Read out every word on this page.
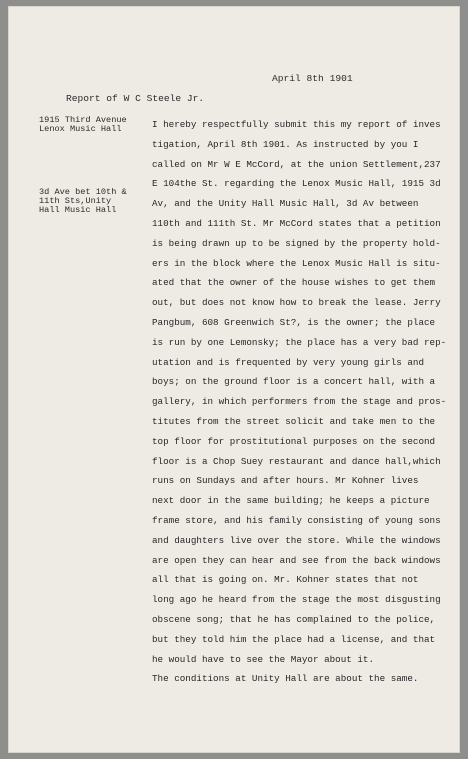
April 8th 1901
Report of W C Steele Jr.
1915 Third Avenue
Lenox Music Hall
3d Ave bet 10th &
11th Sts,Unity
Hall Music Hall
I hereby respectfully submit this my report of inves
tigation, April 8th 1901. As instructed by you I
called on Mr W E McCord, at the union Settlement,237
E 104the St. regarding the Lenox Music Hall, 1915 3d
Av, and the Unity Hall Music Hall, 3d Av between
110th and 111th St. Mr McCord states that a petition
is being drawn up to be signed by the property hold-
ers in the block where the Lenox Music Hall is situ-
ated that the owner of the house wishes to get them
out, but does not know how to break the lease. Jerry
Pangbum, 608 Greenwich St?, is the owner; the place
is run by one Lemonsky; the place has a very bad rep-
utation and is frequented by very young girls and
boys; on the ground floor is a concert hall, with a
gallery, in which performers from the stage and pros-
titutes from the street solicit and take men to the
top floor for prostitutional purposes on the second
floor is a Chop Suey restaurant and dance hall,which
runs on Sundays and after hours. Mr Kohner lives
next door in the same building; he keeps a picture
frame store, and his family consisting of young sons
and daughters live over the store. While the windows
are open they can hear and see from the back windows
all that is going on. Mr. Kohner states that not
long ago he heard from the stage the most disgusting
obscene song; that he has complained to the police,
but they told him the place had a license, and that
he would have to see the Mayor about it.
The conditions at Unity Hall are about the same.
